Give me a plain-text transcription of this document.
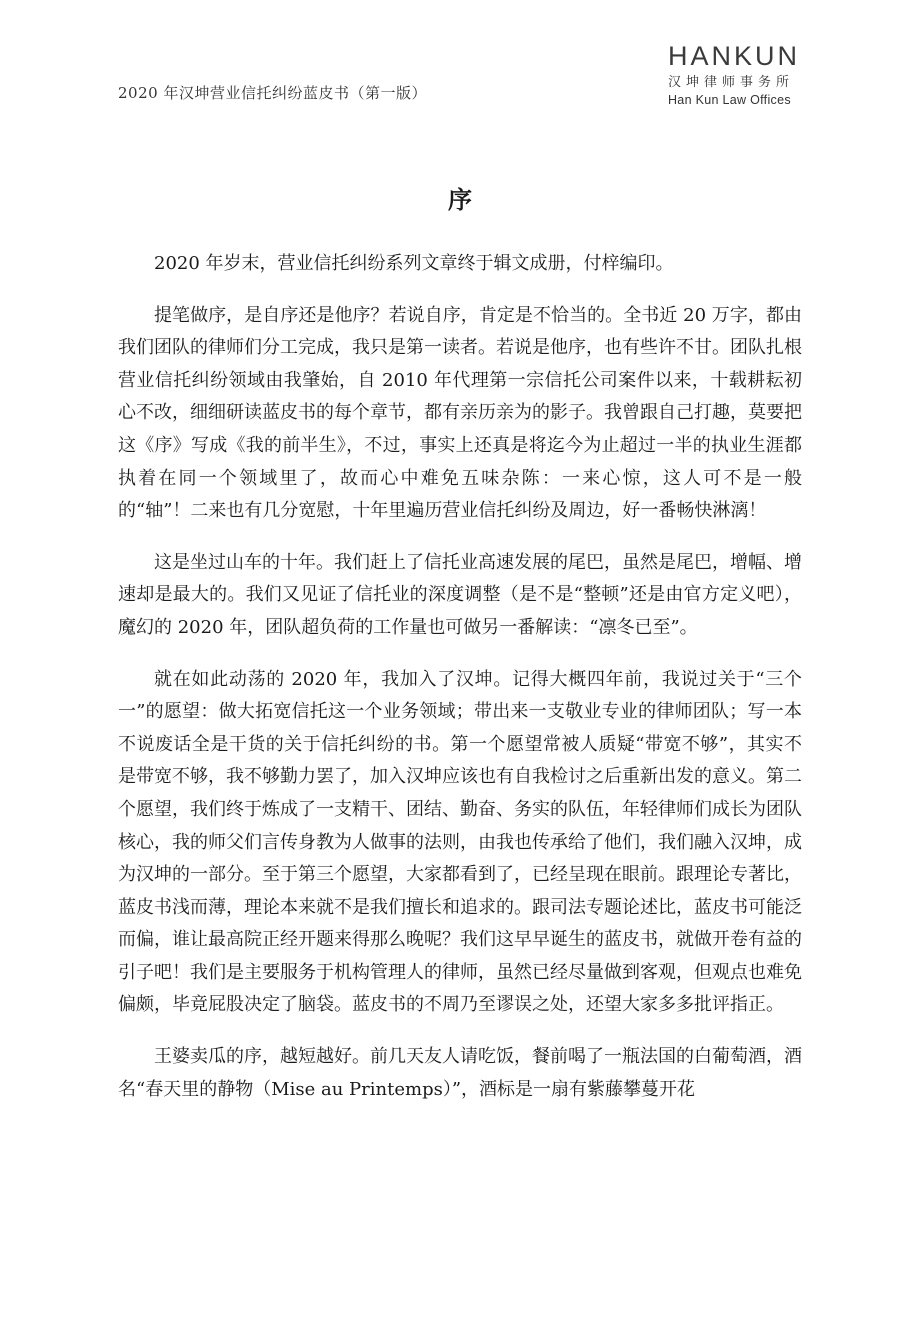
2020 年汉坤营业信托纠纷蓝皮书（第一版）
HANKUN
汉坤律师事务所
Han Kun Law Offices
序

2020 年岁末，营业信托纠纷系列文章终于辑文成册，付梓编印。

提笔做序，是自序还是他序？若说自序，肯定是不恰当的。全书近 20 万字，都由我们团队的律师们分工完成，我只是第一读者。若说是他序，也有些许不甘。团队扎根营业信托纠纷领域由我肇始，自 2010 年代理第一宗信托公司案件以来，十载耕耘初心不改，细细研读蓝皮书的每个章节，都有亲历亲为的影子。我曾跟自己打趣，莫要把这《序》写成《我的前半生》，不过，事实上还真是将迄今为止超过一半的执业生涯都执着在同一个领域里了，故而心中难免五味杂陈：一来心惊，这人可不是一般的“轴”！二来也有几分宽慰，十年里遍历营业信托纠纷及周边，好一番畅快淋漓！

这是坐过山车的十年。我们赶上了信托业高速发展的尾巴，虽然是尾巴，增幅、增速却是最大的。我们又见证了信托业的深度调整（是不是“整顿”还是由官方定义吧），魔幻的 2020 年，团队超负荷的工作量也可做另一番解读：“凛冬已至”。

就在如此动荡的 2020 年，我加入了汉坤。记得大概四年前，我说过关于“三个一”的愿望：做大拓宽信托这一个业务领域；带出来一支敬业专业的律师团队；写一本不说废话全是干货的关于信托纠纷的书。第一个愿望常被人质疑“带宽不够”，其实不是带宽不够，我不够勤力罢了，加入汉坤应该也有自我检讨之后重新出发的意义。第二个愿望，我们终于炼成了一支精干、团结、勤奋、务实的队伍，年轻律师们成长为团队核心，我的师父们言传身教为人做事的法则，由我也传承给了他们，我们融入汉坤，成为汉坤的一部分。至于第三个愿望，大家都看到了，已经呈现在眼前。跟理论专著比，蓝皮书浅而薄，理论本来就不是我们擅长和追求的。跟司法专题论述比，蓝皮书可能泛而偏，谁让最高院正经开题来得那么晚呢？我们这早早诞生的蓝皮书，就做开卷有益的引子吧！我们是主要服务于机构管理人的律师，虽然已经尽量做到客观，但观点也难免偏颇，毕竟屁股决定了脑袋。蓝皮书的不周乃至谬误之处，还望大家多多批评指正。

王婆卖瓜的序，越短越好。前几天友人请吃饭，餐前喝了一瓶法国的白葡萄酒，酒名“春天里的静物（Mise au Printemps）”，酒标是一扇有紫藤攀蔓开花
